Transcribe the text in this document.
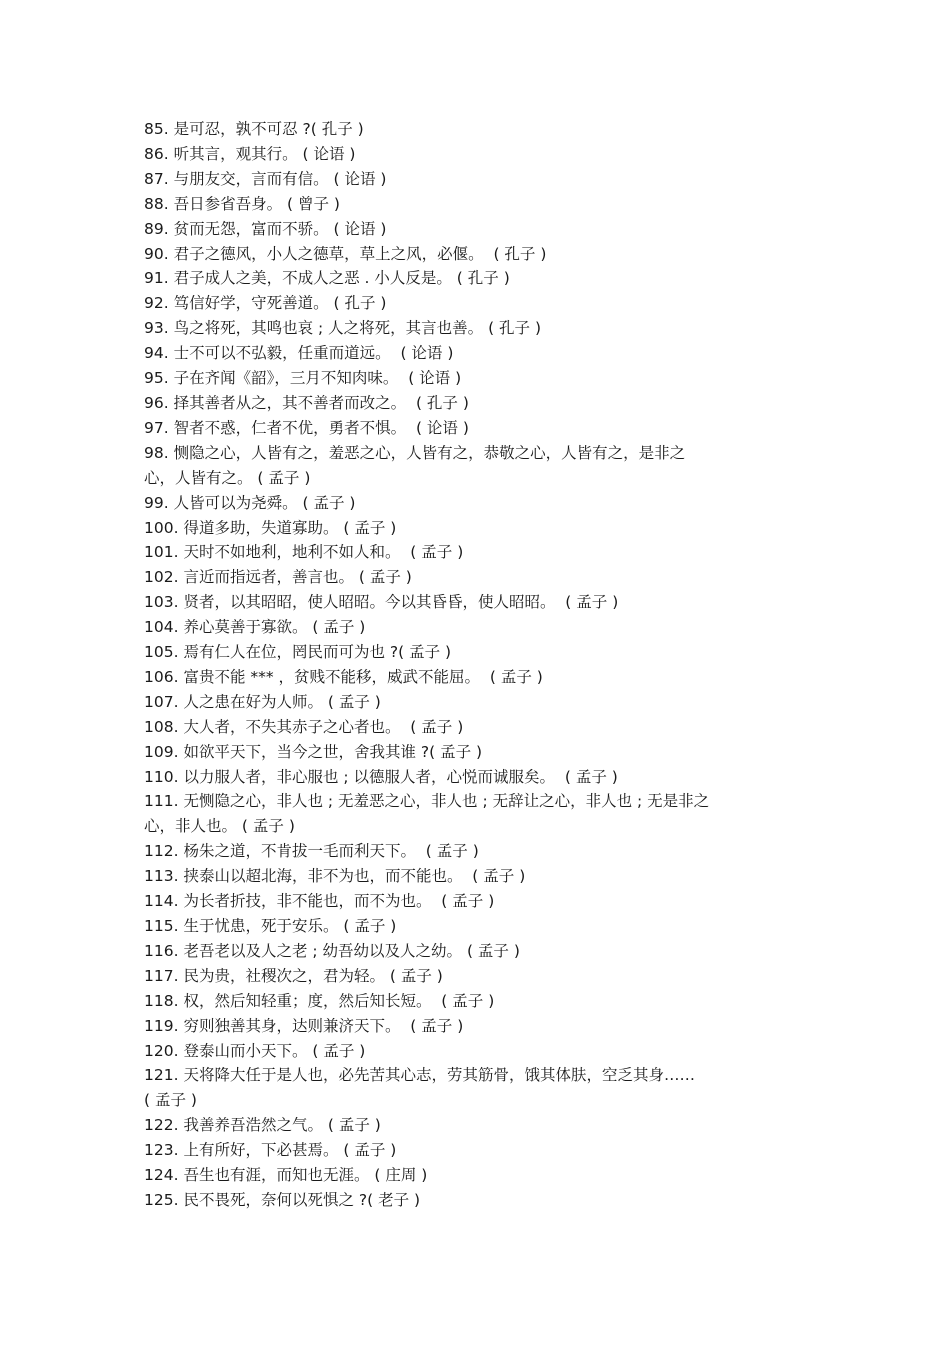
85. 是可忍，孰不可忍 ?( 孔子 )

86. 听其言，观其行。 ( 论语 )

87. 与朋友交，言而有信。 ( 论语 )

88. 吾日参省吾身。 ( 曾子 )

89. 贫而无怨，富而不骄。 ( 论语 )

90. 君子之德风，小人之德草，草上之风，必偃。  ( 孔子 )

91. 君子成人之美，不成人之恶 . 小人反是。 ( 孔子 )

92. 笃信好学，守死善道。 ( 孔子 )

93. 鸟之将死，其鸣也哀 ; 人之将死，其言也善。 ( 孔子 )

94. 士不可以不弘毅，任重而道远。  ( 论语 )

95. 子在齐闻《韶》，三月不知肉味。  ( 论语 )

96. 择其善者从之，其不善者而改之。  ( 孔子 )

97. 智者不惑，仁者不优，勇者不惧。  ( 论语 )

98. 恻隐之心，人皆有之，羞恶之心，人皆有之，恭敬之心，人皆有之，是非之
心，人皆有之。 ( 孟子 )

99. 人皆可以为尧舜。 ( 孟子 )

100. 得道多助，失道寡助。 ( 孟子 )

101. 天时不如地利，地利不如人和。  ( 孟子 )

102. 言近而指远者，善言也。 ( 孟子 )

103. 贤者，以其昭昭，使人昭昭。今以其昏昏，使人昭昭。  ( 孟子 )

104. 养心莫善于寡欲。 ( 孟子 )

105. 焉有仁人在位，罔民而可为也 ?( 孟子 )

106. 富贵不能 *** ，贫贱不能移，威武不能屈。  ( 孟子 )

107. 人之患在好为人师。 ( 孟子 )

108. 大人者，不失其赤子之心者也。  ( 孟子 )

109. 如欲平天下，当今之世，舍我其谁 ?( 孟子 )

110. 以力服人者，非心服也 ; 以德服人者，心悦而诚服矣。  ( 孟子 )

111. 无恻隐之心，非人也 ; 无羞恶之心，非人也 ; 无辞让之心，非人也 ; 无是非之
心，非人也。 ( 孟子 )

112. 杨朱之道，不肯拔一毛而利天下。  ( 孟子 )

113. 挟泰山以超北海，非不为也，而不能也。  ( 孟子 )

114. 为长者折技，非不能也，而不为也。  ( 孟子 )

115. 生于忧患，死于安乐。 ( 孟子 )

116. 老吾老以及人之老 ; 幼吾幼以及人之幼。 ( 孟子 )

117. 民为贵，社稷次之，君为轻。 ( 孟子 )

118. 权，然后知轻重；度，然后知长短。  ( 孟子 )

119. 穷则独善其身，达则兼济天下。  ( 孟子 )

120. 登泰山而小天下。 ( 孟子 )

121. 天将降大任于是人也，必先苦其心志，劳其筋骨，饿其体肤，空乏其身……
( 孟子 )

122. 我善养吾浩然之气。 ( 孟子 )

123. 上有所好，下必甚焉。 ( 孟子 )

124. 吾生也有涯，而知也无涯。 ( 庄周 )

125. 民不畏死，奈何以死惧之 ?( 老子 )
